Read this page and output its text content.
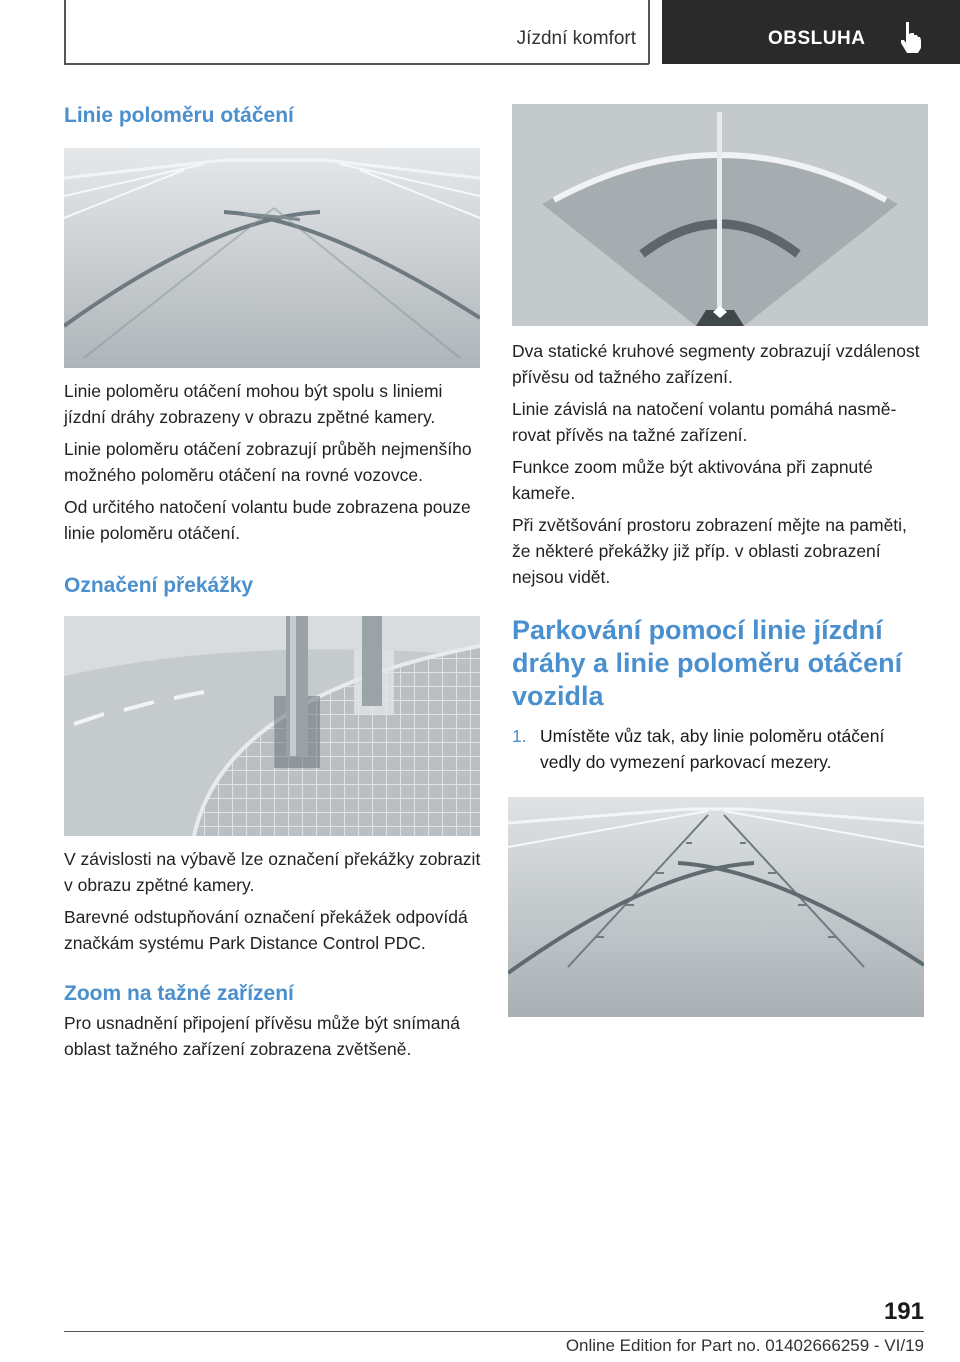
Jízdní komfort	OBSLUHA
Linie poloměru otáčení

Linie poloměru otáčení mohou být spolu s liniemi jízdní dráhy zobrazeny v obrazu zpětné kamery.

Linie poloměru otáčení zobrazují průběh nejmenšího možného poloměru otáčení na rovné vozovce.

Od určitého natočení volantu bude zobrazena pouze linie poloměru otáčení.

Označení překážky

V závislosti na výbavě lze označení překážky zobrazit v obrazu zpětné kamery.

Barevné odstupňování označení překážek odpovídá značkám systému Park Distance Control PDC.

Zoom na tažné zařízení

Pro usnadnění připojení přívěsu může být snímaná oblast tažného zařízení zobrazena zvětšeně.

Dva statické kruhové segmenty zobrazují vzdálenost přívěsu od tažného zařízení.

Linie závislá na natočení volantu pomáhá nasměrovat přívěs na tažné zařízení.

Funkce zoom může být aktivována při zapnuté kameře.

Při zvětšování prostoru zobrazení mějte na paměti, že některé překážky již příp. v oblasti zobrazení nejsou vidět.

Parkování pomocí linie jízdní dráhy a linie poloměru otáčení vozidla
1. Umístěte vůz tak, aby linie poloměru otáčení vedly do vymezení parkovací mezery.
191
Online Edition for Part no. 01402666259 - VI/19
